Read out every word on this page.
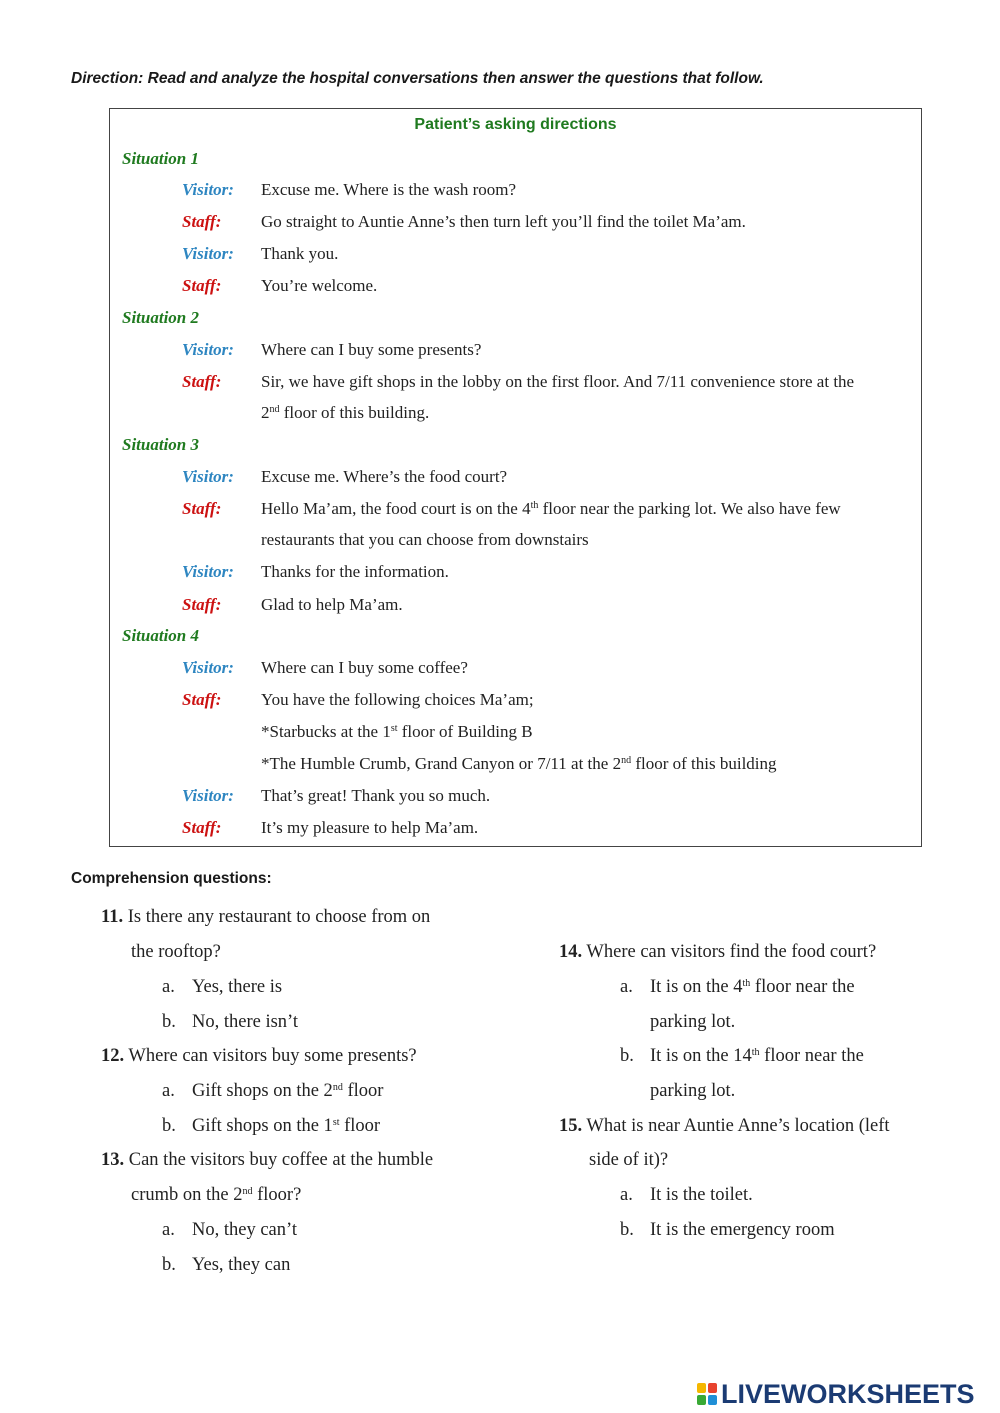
Direction: Read and analyze the hospital conversations then answer the questions that follow.
Patient’s asking directions
Situation 1
Visitor: Excuse me. Where is the wash room?
Staff: Go straight to Auntie Anne’s then turn left you’ll find the toilet Ma’am.
Visitor: Thank you.
Staff: You’re welcome.
Situation 2
Visitor: Where can I buy some presents?
Staff: Sir, we have gift shops in the lobby on the first floor. And 7/11 convenience store at the
2nd floor of this building.
Situation 3
Visitor: Excuse me. Where’s the food court?
Staff: Hello Ma’am, the food court is on the 4th floor near the parking lot. We also have few
restaurants that you can choose from downstairs
Visitor: Thanks for the information.
Staff: Glad to help Ma’am.
Situation 4
Visitor: Where can I buy some coffee?
Staff: You have the following choices Ma’am;
*Starbucks at the 1st floor of Building B
*The Humble Crumb, Grand Canyon or 7/11 at the 2nd floor of this building
Visitor: That’s great! Thank you so much.
Staff: It’s my pleasure to help Ma’am.
Comprehension questions:
11. Is there any restaurant to choose from on
the rooftop?
a. Yes, there is
b. No, there isn’t
12. Where can visitors buy some presents?
a. Gift shops on the 2nd floor
b. Gift shops on the 1st floor
13. Can the visitors buy coffee at the humble
crumb on the 2nd floor?
a. No, they can’t
b. Yes, they can
14. Where can visitors find the food court?
a. It is on the 4th floor near the
parking lot.
b. It is on the 14th floor near the
parking lot.
15. What is near Auntie Anne’s location (left
side of it)?
a. It is the toilet.
b. It is the emergency room
LIVEWORKSHEETS
